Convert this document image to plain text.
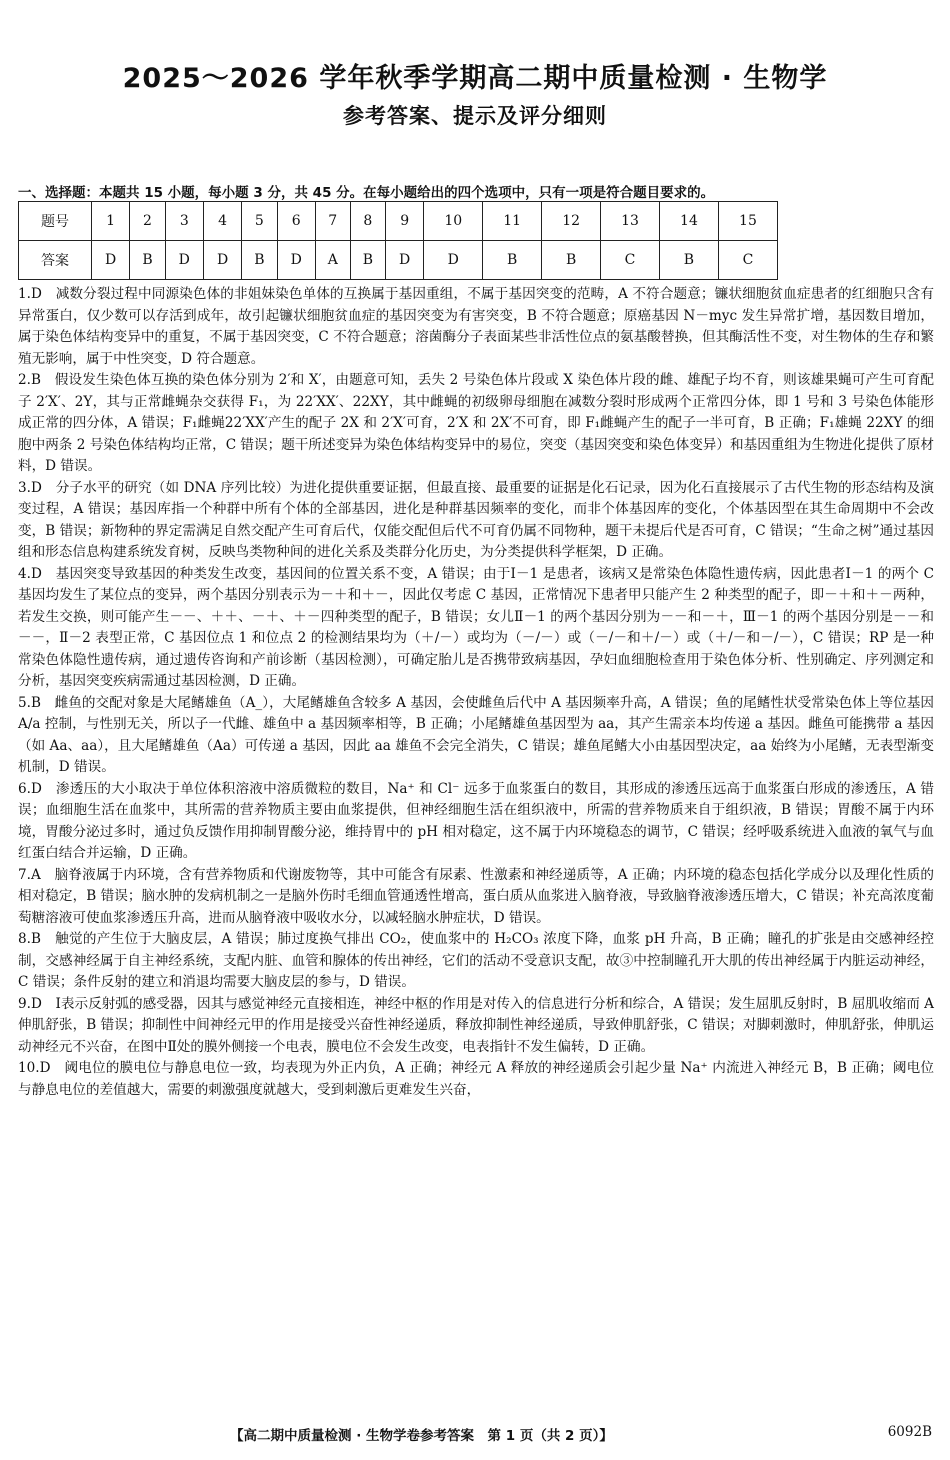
2025～2026 学年秋季学期高二期中质量检测 · 生物学
参考答案、提示及评分细则
一、选择题：本题共 15 小题，每小题 3 分，共 45 分。在每小题给出的四个选项中，只有一项是符合题目要求的。
题号	1	2	3	4	5	6	7	8	9	10	11	12	13	14	15
答案	D	B	D	D	B	D	A	B	D	D	B	B	C	B	C

1.D　减数分裂过程中同源染色体的非姐妹染色单体的互换属于基因重组，不属于基因突变的范畴，A 不符合题意；镰状细胞贫血症患者的红细胞只含有异常蛋白，仅少数可以存活到成年，故引起镰状细胞贫血症的基因突变为有害突变，B 不符合题意；原癌基因 N－myc 发生异常扩增，基因数目增加，属于染色体结构变异中的重复，不属于基因突变，C 不符合题意；溶菌酶分子表面某些非活性位点的氨基酸替换，但其酶活性不变，对生物体的生存和繁殖无影响，属于中性突变，D 符合题意。

2.B　假设发生染色体互换的染色体分别为 2′和 X′，由题意可知，丢失 2 号染色体片段或 X 染色体片段的雌、雄配子均不育，则该雄果蝇可产生可育配子 2′X′、2Y，其与正常雌蝇杂交获得 F₁，为 22′XX′、22XY，其中雌蝇的初级卵母细胞在减数分裂时形成两个正常四分体，即 1 号和 3 号染色体能形成正常的四分体，A 错误；F₁雌蝇22′XX′产生的配子 2X 和 2′X′可育，2′X 和 2X′不可育，即 F₁雌蝇产生的配子一半可育，B 正确；F₁雄蝇 22XY 的细胞中两条 2 号染色体结构均正常，C 错误；题干所述变异为染色体结构变异中的易位，突变（基因突变和染色体变异）和基因重组为生物进化提供了原材料，D 错误。

3.D　分子水平的研究（如 DNA 序列比较）为进化提供重要证据，但最直接、最重要的证据是化石记录，因为化石直接展示了古代生物的形态结构及演变过程，A 错误；基因库指一个种群中所有个体的全部基因，进化是种群基因频率的变化，而非个体基因库的变化，个体基因型在其生命周期中不会改变，B 错误；新物种的界定需满足自然交配产生可育后代，仅能交配但后代不可育仍属不同物种，题干未提后代是否可育，C 错误；“生命之树”通过基因组和形态信息构建系统发育树，反映鸟类物种间的进化关系及类群分化历史，为分类提供科学框架，D 正确。

4.D　基因突变导致基因的种类发生改变，基因间的位置关系不变，A 错误；由于Ⅰ－1 是患者，该病又是常染色体隐性遗传病，因此患者Ⅰ－1 的两个 C 基因均发生了某位点的变异，两个基因分别表示为－＋和＋－，因此仅考虑 C 基因，正常情况下患者甲只能产生 2 种类型的配子，即－＋和＋－两种，若发生交换，则可能产生－－、＋＋、－＋、＋－四种类型的配子，B 错误；女儿Ⅱ－1 的两个基因分别为－－和－＋，Ⅲ－1 的两个基因分别是－－和－－，Ⅱ－2 表型正常，C 基因位点 1 和位点 2 的检测结果均为（＋/－）或均为（－/－）或（－/－和＋/－）或（＋/－和－/－），C 错误；RP 是一种常染色体隐性遗传病，通过遗传咨询和产前诊断（基因检测），可确定胎儿是否携带致病基因，孕妇血细胞检查用于染色体分析、性别确定、序列测定和分析，基因突变疾病需通过基因检测，D 正确。

5.B　雌鱼的交配对象是大尾鳍雄鱼（A_），大尾鳍雄鱼含较多 A 基因，会使雌鱼后代中 A 基因频率升高，A 错误；鱼的尾鳍性状受常染色体上等位基因 A/a 控制，与性别无关，所以子一代雌、雄鱼中 a 基因频率相等，B 正确；小尾鳍雄鱼基因型为 aa，其产生需亲本均传递 a 基因。雌鱼可能携带 a 基因（如 Aa、aa），且大尾鳍雄鱼（Aa）可传递 a 基因，因此 aa 雄鱼不会完全消失，C 错误；雄鱼尾鳍大小由基因型决定，aa 始终为小尾鳍，无表型渐变机制，D 错误。

6.D　渗透压的大小取决于单位体积溶液中溶质微粒的数目，Na⁺ 和 Cl⁻ 远多于血浆蛋白的数目，其形成的渗透压远高于血浆蛋白形成的渗透压，A 错误；血细胞生活在血浆中，其所需的营养物质主要由血浆提供，但神经细胞生活在组织液中，所需的营养物质来自于组织液，B 错误；胃酸不属于内环境，胃酸分泌过多时，通过负反馈作用抑制胃酸分泌，维持胃中的 pH 相对稳定，这不属于内环境稳态的调节，C 错误；经呼吸系统进入血液的氧气与血红蛋白结合并运输，D 正确。

7.A　脑脊液属于内环境，含有营养物质和代谢废物等，其中可能含有尿素、性激素和神经递质等，A 正确；内环境的稳态包括化学成分以及理化性质的相对稳定，B 错误；脑水肿的发病机制之一是脑外伤时毛细血管通透性增高，蛋白质从血浆进入脑脊液，导致脑脊液渗透压增大，C 错误；补充高浓度葡萄糖溶液可使血浆渗透压升高，进而从脑脊液中吸收水分，以减轻脑水肿症状，D 错误。

8.B　触觉的产生位于大脑皮层，A 错误；肺过度换气排出 CO₂，使血浆中的 H₂CO₃ 浓度下降，血浆 pH 升高，B 正确；瞳孔的扩张是由交感神经控制，交感神经属于自主神经系统，支配内脏、血管和腺体的传出神经，它们的活动不受意识支配，故③中控制瞳孔开大肌的传出神经属于内脏运动神经，C 错误；条件反射的建立和消退均需要大脑皮层的参与，D 错误。

9.D　Ⅰ表示反射弧的感受器，因其与感觉神经元直接相连，神经中枢的作用是对传入的信息进行分析和综合，A 错误；发生屈肌反射时，B 屈肌收缩而 A 伸肌舒张，B 错误；抑制性中间神经元甲的作用是接受兴奋性神经递质，释放抑制性神经递质，导致伸肌舒张，C 错误；对脚刺激时，伸肌舒张，伸肌运动神经元不兴奋，在图中Ⅱ处的膜外侧接一个电表，膜电位不会发生改变，电表指针不发生偏转，D 正确。

10.D　阈电位的膜电位与静息电位一致，均表现为外正内负，A 正确；神经元 A 释放的神经递质会引起少量 Na⁺ 内流进入神经元 B，B 正确；阈电位与静息电位的差值越大，需要的刺激强度就越大，受到刺激后更难发生兴奋，

【高二期中质量检测 · 生物学卷参考答案　第 1 页（共 2 页）】	6092B
